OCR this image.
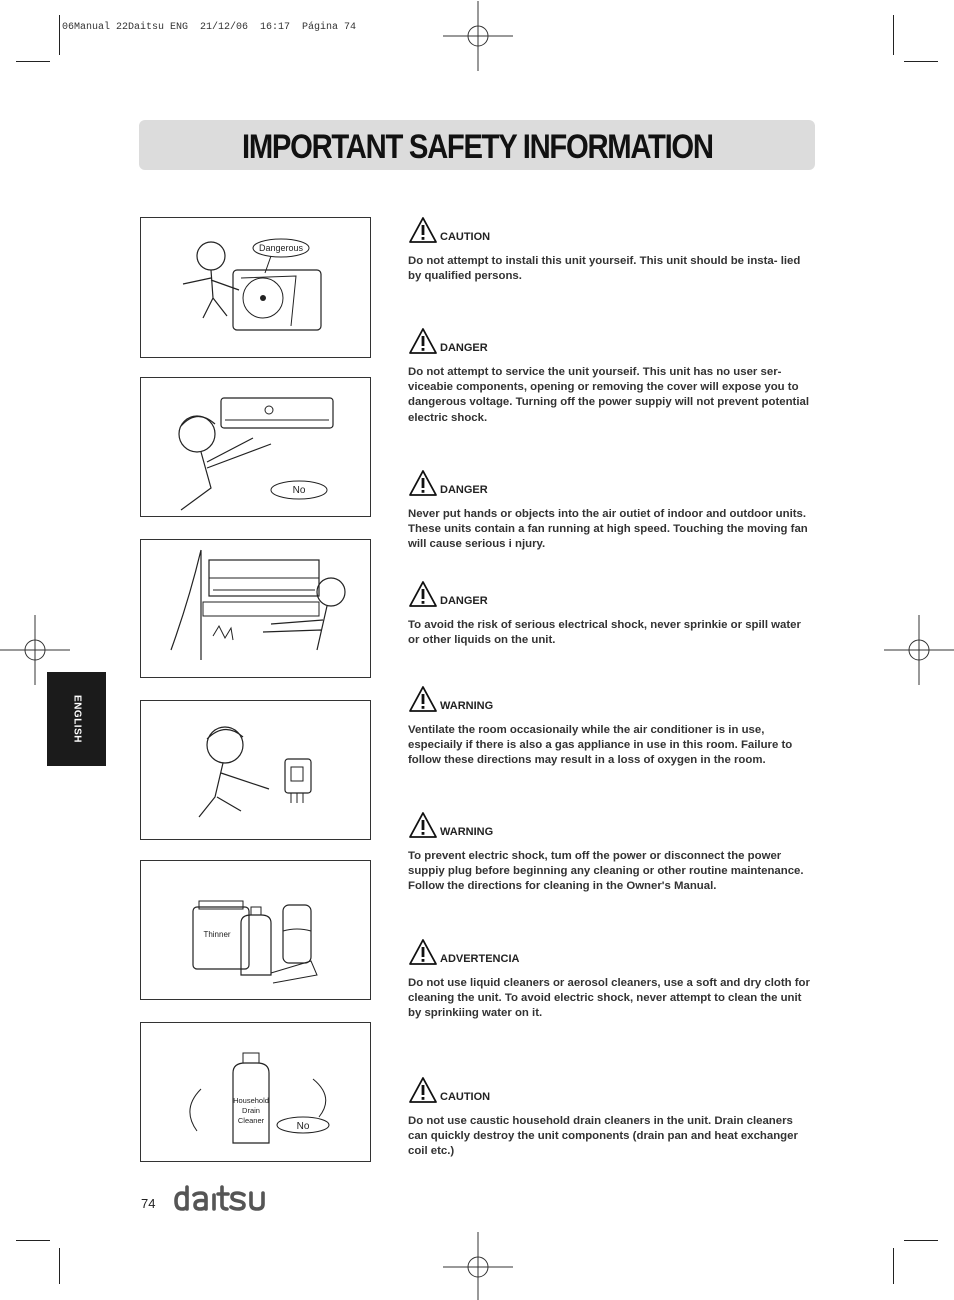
06Manual 22Daitsu ENG  21/12/06  16:17  Página 74
IMPORTANT SAFETY INFORMATION
ENGLISH
Dangerous
No
Thinner
Household
Drain
Cleaner
No
CAUTION

Do not attempt to instali this unit yourseif. This unit should be insta- lied by qualified persons.

DANGER

Do not attempt to service the unit yourseif. This unit has no user ser- viceabie components, opening or removing the cover will expose you to dangerous voltage. Turning off the power suppiy will not prevent potential electric shock.

DANGER

Never put hands or objects into the air outiet of indoor and outdoor units. These units contain a fan running at high speed. Touching the moving fan will cause serious i njury.

DANGER

To avoid the risk of serious electrical shock, never sprinkie or spill water or other liquids on the unit.

WARNING

Ventilate the room occasionaily while the air conditioner is in use, especiaily if there is also a gas appliance in use in this room. Failure to follow these directions may result in a loss of oxygen in the room.

WARNING

To prevent electric shock, tum off the power or disconnect the power suppiy plug before beginning any cleaning or other routine maintenance. Follow the directions for cleaning in the Owner's Manual.

ADVERTENCIA

Do not use liquid cleaners or aerosol cleaners, use a soft and dry cloth for cleaning the unit. To avoid electric shock, never attempt to clean the unit by sprinkiing water on it.

CAUTION

Do not use caustic household drain cleaners in the unit. Drain cleaners can quickly destroy the unit components (drain pan and heat exchanger coil etc.)

74
